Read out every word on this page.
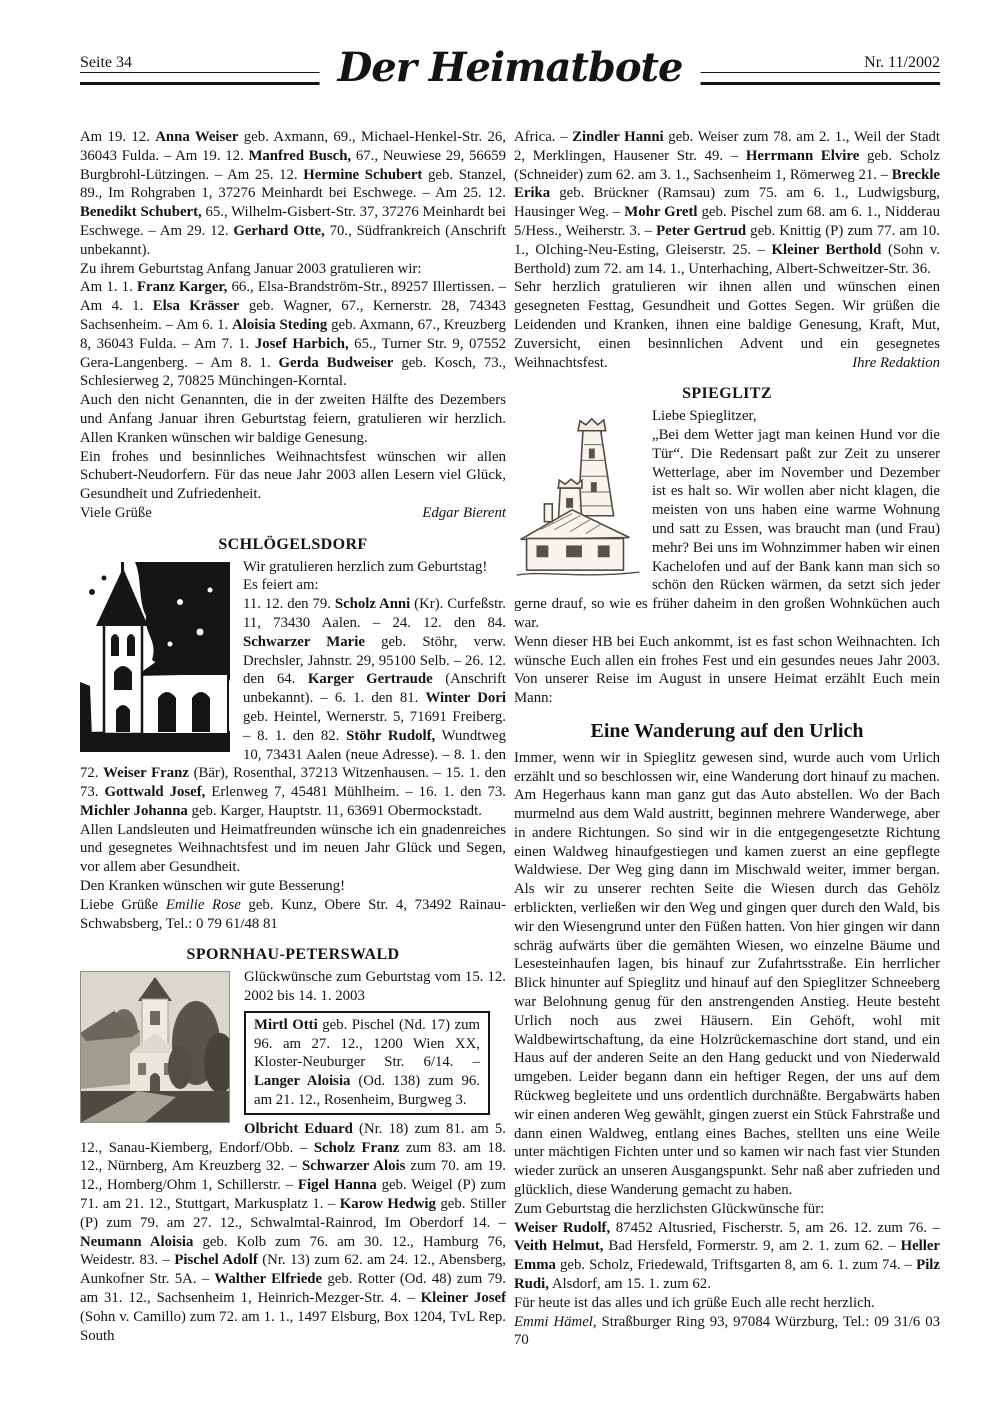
Seite 34	Nr. 11/2002
Der Heimatbote

Am 19. 12. Anna Weiser geb. Axmann, 69., Michael-Henkel-Str. 26, 36043 Fulda. – Am 19. 12. Manfred Busch, 67., Neuwiese 29, 56659 Burgbrohl-Lützingen. – Am 25. 12. Hermine Schubert geb. Stanzel, 89., Im Rohgraben 1, 37276 Meinhardt bei Eschwege. – Am 25. 12. Benedikt Schubert, 65., Wilhelm-Gisbert-Str. 37, 37276 Meinhardt bei Eschwege. – Am 29. 12. Gerhard Otte, 70., Südfrankreich (Anschrift unbekannt).

Zu ihrem Geburtstag Anfang Januar 2003 gratulieren wir:

Am 1. 1. Franz Karger, 66., Elsa-Brandström-Str., 89257 Illertissen. – Am 4. 1. Elsa Krässer geb. Wagner, 67., Kernerstr. 28, 74343 Sachsenheim. – Am 6. 1. Aloisia Steding geb. Axmann, 67., Kreuzberg 8, 36043 Fulda. – Am 7. 1. Josef Harbich, 65., Turner Str. 9, 07552 Gera-Langenberg. – Am 8. 1. Gerda Budweiser geb. Kosch, 73., Schlesierweg 2, 70825 Münchingen-Korntal.

Auch den nicht Genannten, die in der zweiten Hälfte des Dezembers und Anfang Januar ihren Geburtstag feiern, gratulieren wir herzlich. Allen Kranken wünschen wir baldige Genesung.

Ein frohes und besinnliches Weihnachtsfest wünschen wir allen Schubert-Neudorfern. Für das neue Jahr 2003 allen Lesern viel Glück, Gesundheit und Zufriedenheit.

Viele Grüße	Edgar Bierent

SCHLÖGELSDORF

Wir gratulieren herzlich zum Geburtstag!

Es feiert am:

11. 12. den 79. Scholz Anni (Kr). Curfeßstr. 11, 73430 Aalen. – 24. 12. den 84. Schwarzer Marie geb. Stöhr, verw. Drechsler, Jahnstr. 29, 95100 Selb. – 26. 12. den 64. Karger Gertraude (Anschrift unbekannt). – 6. 1. den 81. Winter Dori geb. Heintel, Wernerstr. 5, 71691 Freiberg. – 8. 1. den 82. Stöhr Rudolf, Wundtweg 10, 73431 Aalen (neue Adresse). – 8. 1. den 72. Weiser Franz (Bär), Rosenthal, 37213 Witzenhausen. – 15. 1. den 73. Gottwald Josef, Erlenweg 7, 45481 Mühlheim. – 16. 1. den 73. Michler Johanna geb. Karger, Hauptstr. 11, 63691 Obermockstadt.

Allen Landsleuten und Heimatfreunden wünsche ich ein gnadenreiches und gesegnetes Weihnachtsfest und im neuen Jahr Glück und Segen, vor allem aber Gesundheit.

Den Kranken wünschen wir gute Besserung!

Liebe Grüße Emilie Rose geb. Kunz, Obere Str. 4, 73492 Rainau-Schwabsberg, Tel.: 0 79 61/48 81

SPORNHAU-PETERSWALD

Glückwünsche zum Geburtstag vom 15. 12. 2002 bis 14. 1. 2003

Mirtl Otti geb. Pischel (Nd. 17) zum 96. am 27. 12., 1200 Wien XX, Kloster-Neuburger Str. 6/14. – Langer Aloisia (Od. 138) zum 96. am 21. 12., Rosenheim, Burgweg 3.

Olbricht Eduard (Nr. 18) zum 81. am 5. 12., Sanau-Kiemberg, Endorf/Obb. – Scholz Franz zum 83. am 18. 12., Nürnberg, Am Kreuzberg 32. – Schwarzer Alois zum 70. am 19. 12., Homberg/Ohm 1, Schillerstr. – Figel Hanna geb. Weigel (P) zum 71. am 21. 12., Stuttgart, Markusplatz 1. – Karow Hedwig geb. Stiller (P) zum 79. am 27. 12., Schwalmtal-Rainrod, Im Oberdorf 14. – Neumann Aloisia geb. Kolb zum 76. am 30. 12., Hamburg 76, Weidestr. 83. – Pischel Adolf (Nr. 13) zum 62. am 24. 12., Abensberg, Aunkofner Str. 5A. – Walther Elfriede geb. Rotter (Od. 48) zum 79. am 31. 12., Sachsenheim 1, Heinrich-Mezger-Str. 4. – Kleiner Josef (Sohn v. Camillo) zum 72. am 1. 1., 1497 Elsburg, Box 1204, TvL Rep. South

Africa. – Zindler Hanni geb. Weiser zum 78. am 2. 1., Weil der Stadt 2, Merklingen, Hausener Str. 49. – Herrmann Elvire geb. Scholz (Schneider) zum 62. am 3. 1., Sachsenheim 1, Römerweg 21. – Breckle Erika geb. Brückner (Ramsau) zum 75. am 6. 1., Ludwigsburg, Hausinger Weg. – Mohr Gretl geb. Pischel zum 68. am 6. 1., Nidderau 5/Hess., Weiherstr. 3. – Peter Gertrud geb. Knittig (P) zum 77. am 10. 1., Olching-Neu-Esting, Gleiserstr. 25. – Kleiner Berthold (Sohn v. Berthold) zum 72. am 14. 1., Unterhaching, Albert-Schweitzer-Str. 36.

Sehr herzlich gratulieren wir ihnen allen und wünschen einen gesegneten Festtag, Gesundheit und Gottes Segen. Wir grüßen die Leidenden und Kranken, ihnen eine baldige Genesung, Kraft, Mut, Zuversicht, einen besinnlichen Advent und ein gesegnetes Weihnachtsfest.	Ihre Redaktion

SPIEGLITZ

Liebe Spieglitzer,

„Bei dem Wetter jagt man keinen Hund vor die Tür“. Die Redensart paßt zur Zeit zu unserer Wetterlage, aber im November und Dezember ist es halt so. Wir wollen aber nicht klagen, die meisten von uns haben eine warme Wohnung und satt zu Essen, was braucht man (und Frau) mehr? Bei uns im Wohnzimmer haben wir einen Kachelofen und auf der Bank kann man sich so schön den Rücken wärmen, da setzt sich jeder gerne drauf, so wie es früher daheim in den großen Wohnküchen auch war.

Wenn dieser HB bei Euch ankommt, ist es fast schon Weihnachten. Ich wünsche Euch allen ein frohes Fest und ein gesundes neues Jahr 2003. Von unserer Reise im August in unsere Heimat erzählt Euch mein Mann:

Eine Wanderung auf den Urlich

Immer, wenn wir in Spieglitz gewesen sind, wurde auch vom Urlich erzählt und so beschlossen wir, eine Wanderung dort hinauf zu machen. Am Hegerhaus kann man ganz gut das Auto abstellen. Wo der Bach murmelnd aus dem Wald austritt, beginnen mehrere Wanderwege, aber in andere Richtungen. So sind wir in die entgegengesetzte Richtung einen Waldweg hinaufgestiegen und kamen zuerst an eine gepflegte Waldwiese. Der Weg ging dann im Mischwald weiter, immer bergan. Als wir zu unserer rechten Seite die Wiesen durch das Gehölz erblickten, verließen wir den Weg und gingen quer durch den Wald, bis wir den Wiesengrund unter den Füßen hatten. Von hier gingen wir dann schräg aufwärts über die gemähten Wiesen, wo einzelne Bäume und Lesesteinhaufen lagen, bis hinauf zur Zufahrtsstraße. Ein herrlicher Blick hinunter auf Spieglitz und hinauf auf den Spieglitzer Schneeberg war Belohnung genug für den anstrengenden Anstieg. Heute besteht Urlich noch aus zwei Häusern. Ein Gehöft, wohl mit Waldbewirtschaftung, da eine Holzrückemaschine dort stand, und ein Haus auf der anderen Seite an den Hang geduckt und von Niederwald umgeben. Leider begann dann ein heftiger Regen, der uns auf dem Rückweg begleitete und uns ordentlich durchnäßte. Bergabwärts haben wir einen anderen Weg gewählt, gingen zuerst ein Stück Fahrstraße und dann einen Waldweg, entlang eines Baches, stellten uns eine Weile unter mächtigen Fichten unter und so kamen wir nach fast vier Stunden wieder zurück an unseren Ausgangspunkt. Sehr naß aber zufrieden und glücklich, diese Wanderung gemacht zu haben.

Zum Geburtstag die herzlichsten Glückwünsche für:

Weiser Rudolf, 87452 Altusried, Fischerstr. 5, am 26. 12. zum 76. – Veith Helmut, Bad Hersfeld, Formerstr. 9, am 2. 1. zum 62. – Heller Emma geb. Scholz, Friedewald, Triftsgarten 8, am 6. 1. zum 74. – Pilz Rudi, Alsdorf, am 15. 1. zum 62.

Für heute ist das alles und ich grüße Euch alle recht herzlich.

Emmi Hämel, Straßburger Ring 93, 97084 Würzburg, Tel.: 09 31/6 03 70
